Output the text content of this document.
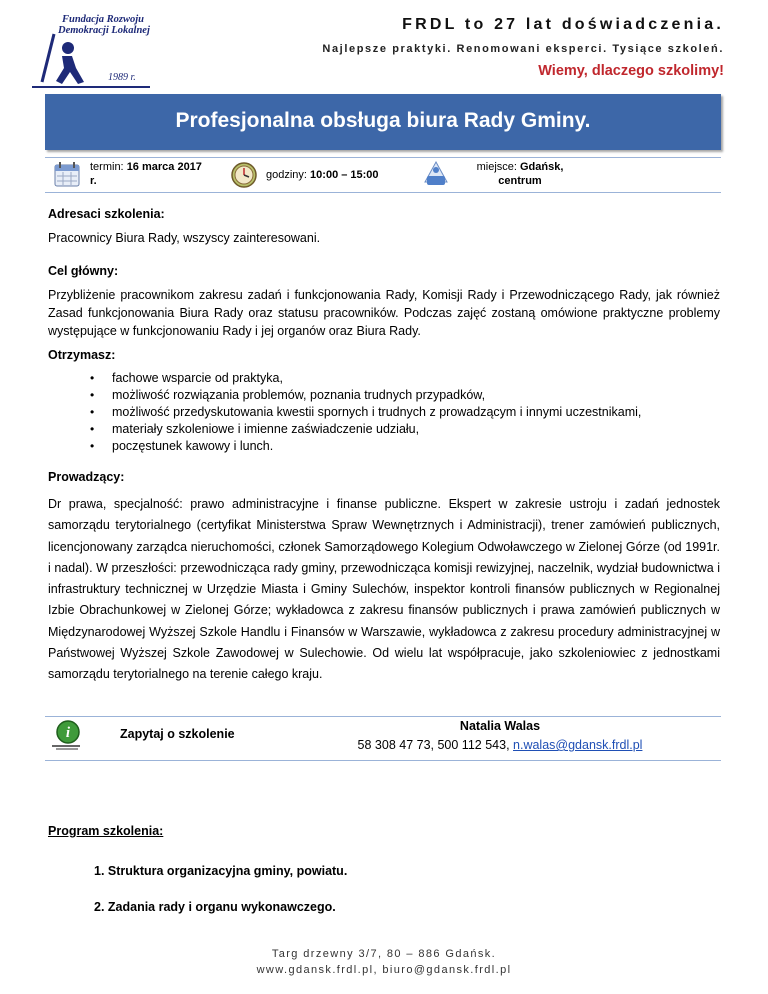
Fundacja Rozwoju
Demokracji Lokalnej
1989 r.
FRDL to 27 lat doświadczenia.
Najlepsze praktyki. Renomowani eksperci. Tysiące szkoleń.
Wiemy, dlaczego szkolimy!
Profesjonalna obsługa biura Rady Gminy.
termin: 16 marca 2017
r.	godziny: 10:00 – 15:00
miejsce: Gdańsk,
centrum
Adresaci szkolenia:
Pracownicy Biura Rady, wszyscy zainteresowani.
Cel główny:
Przybliżenie pracownikom zakresu zadań i funkcjonowania Rady, Komisji Rady i Przewodniczącego Rady, jak również Zasad funkcjonowania Biura Rady oraz statusu pracowników. Podczas zajęć zostaną omówione praktyczne problemy występujące w funkcjonowaniu Rady i jej organów oraz Biura Rady.
Otrzymasz:
• fachowe wsparcie od praktyka,
• możliwość rozwiązania problemów, poznania trudnych przypadków,
• możliwość przedyskutowania kwestii spornych i trudnych z prowadzącym i innymi uczestnikami,
• materiały szkoleniowe i imienne zaświadczenie udziału,
• poczęstunek kawowy i lunch.
Prowadzący:
Dr prawa, specjalność: prawo administracyjne i finanse publiczne. Ekspert w zakresie ustroju i zadań jednostek samorządu terytorialnego (certyfikat Ministerstwa Spraw Wewnętrznych i Administracji), trener zamówień publicznych, licencjonowany zarządca nieruchomości, członek Samorządowego Kolegium Odwoławczego w Zielonej Górze (od 1991r. i nadal). W przeszłości: przewodnicząca rady gminy, przewodnicząca komisji rewizyjnej, naczelnik, wydział budownictwa i infrastruktury technicznej w Urzędzie Miasta i Gminy Sulechów, inspektor kontroli finansów publicznych w Regionalnej Izbie Obrachunkowej w Zielonej Górze; wykładowca z zakresu finansów publicznych i prawa zamówień publicznych w Międzynarodowej Wyższej Szkole Handlu i Finansów w Warszawie, wykładowca z zakresu procedury administracyjnej w Państwowej Wyższej Szkole Zawodowej w Sulechowie. Od wielu lat współpracuje, jako szkoleniowiec z jednostkami samorządu terytorialnego na terenie całego kraju.
i	Zapytaj o szkolenie
Natalia Walas
58 308 47 73, 500 112 543, n.walas@gdansk.frdl.pl
Program szkolenia:
1. Struktura organizacyjna gminy, powiatu.
2. Zadania rady i organu wykonawczego.
Targ drzewny 3/7, 80 – 886 Gdańsk.
www.gdansk.frdl.pl, biuro@gdansk.frdl.pl
